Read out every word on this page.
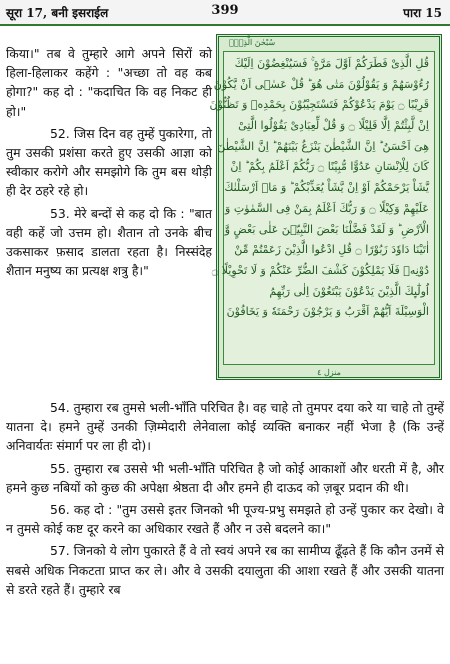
सूरा 17, बनी इसराईल	399	पारा 15

किया।" तब वे तुम्हारे आगे अपने सिरों को हिला-हिलाकर कहेंगे : "अच्छा तो वह कब होगा?" कह दो : "कदाचित कि वह निकट ही हो।"

52. जिस दिन वह तुम्हें पुकारेगा, तो तुम उसकी प्रशंसा करते हुए उसकी आज्ञा को स्वीकार करोगे और समझोगे कि तुम बस थोड़ी ही देर ठहरे रहे हो।

53. मेरे बन्दों से कह दो कि : "बात वही कहें जो उत्तम हो। शैतान तो उनके बीच उकसाकर फ़साद डालता रहता है। निस्संदेह शैतान मनुष्य का प्रत्यक्ष शत्रु है।"

سُبْحٰنَ الَّذِیْۤ
قُلِ الَّذِیْ فَطَرَكُمْ اَوَّلَ مَرَّةٍ ۚ فَسَیُنْغِضُوْنَ اِلَیْكَ
رُءُوْسَهُمْ وَ یَقُوْلُوْنَ مَتٰى هُوَ ؕ قُلْ عَسٰۤى اَنْ یَّكُوْنَ
قَرِیْبًا ۝ یَوْمَ یَدْعُوْكُمْ فَتَسْتَجِیْبُوْنَ بِحَمْدِهٖ وَ تَظُنُّوْنَ
اِنْ لَّبِثْتُمْ اِلَّا قَلِیْلًا ۝ وَ قُلْ لِّعِبَادِیْ یَقُوْلُوا الَّتِیْ
هِیَ اَحْسَنُ ؕ اِنَّ الشَّیْطٰنَ یَنْزَغُ بَیْنَهُمْ ؕ اِنَّ الشَّیْطٰنَ
كَانَ لِلْاِنْسَانِ عَدُوًّا مُّبِیْنًا ۝ رَبُّكُمْ اَعْلَمُ بِكُمْ ؕ اِنْ
یَّشَاْ یَرْحَمْكُمْ اَوْ اِنْ یَّشَاْ یُعَذِّبْكُمْ ؕ وَ مَاۤ اَرْسَلْنٰكَ
عَلَیْهِمْ وَكِیْلًا ۝ وَ رَبُّكَ اَعْلَمُ بِمَنْ فِی السَّمٰوٰتِ وَ
الْاَرْضِ ؕ وَ لَقَدْ فَضَّلْنَا بَعْضَ النَّبِیّٖنَ عَلٰى بَعْضٍ وَّ
اٰتَیْنَا دَاوٗدَ زَبُوْرًا ۝ قُلِ ادْعُوا الَّذِیْنَ زَعَمْتُمْ مِّنْ
دُوْنِهٖ فَلَا یَمْلِكُوْنَ كَشْفَ الضُّرِّ عَنْكُمْ وَ لَا تَحْوِیْلًا ۝
اُولٰٓىِٕكَ الَّذِیْنَ یَدْعُوْنَ یَبْتَغُوْنَ اِلٰى رَبِّهِمُ
الْوَسِیْلَةَ اَیُّهُمْ اَقْرَبُ وَ یَرْجُوْنَ رَحْمَتَهٗ وَ یَخَافُوْنَ
منزل ٤

54. तुम्हारा रब तुमसे भली-भाँति परिचित है। वह चाहे तो तुमपर दया करे या चाहे तो तुम्हें यातना दे। हमने तुम्हें उनकी ज़िम्मेदारी लेनेवाला कोई व्यक्ति बनाकर नहीं भेजा है (कि उन्हें अनिवार्यतः संमार्ग पर ला ही दो)।

55. तुम्हारा रब उससे भी भली-भाँति परिचित है जो कोई आकाशों और धरती में है, और हमने कुछ नबियों को कुछ की अपेक्षा श्रेष्ठता दी और हमने ही दाऊद को ज़बूर प्रदान की थी।

56. कह दो : "तुम उससे इतर जिनको भी पूज्य-प्रभु समझते हो उन्हें पुकार कर देखो। वे न तुमसे कोई कष्ट दूर करने का अधिकार रखते हैं और न उसे बदलने का।"

57. जिनको ये लोग पुकारते हैं वे तो स्वयं अपने रब का सामीप्य ढूँढ़ते हैं कि कौन उनमें से सबसे अधिक निकटता प्राप्त कर ले। और वे उसकी दयालुता की आशा रखते हैं और उसकी यातना से डरते रहते हैं। तुम्हारे रब
